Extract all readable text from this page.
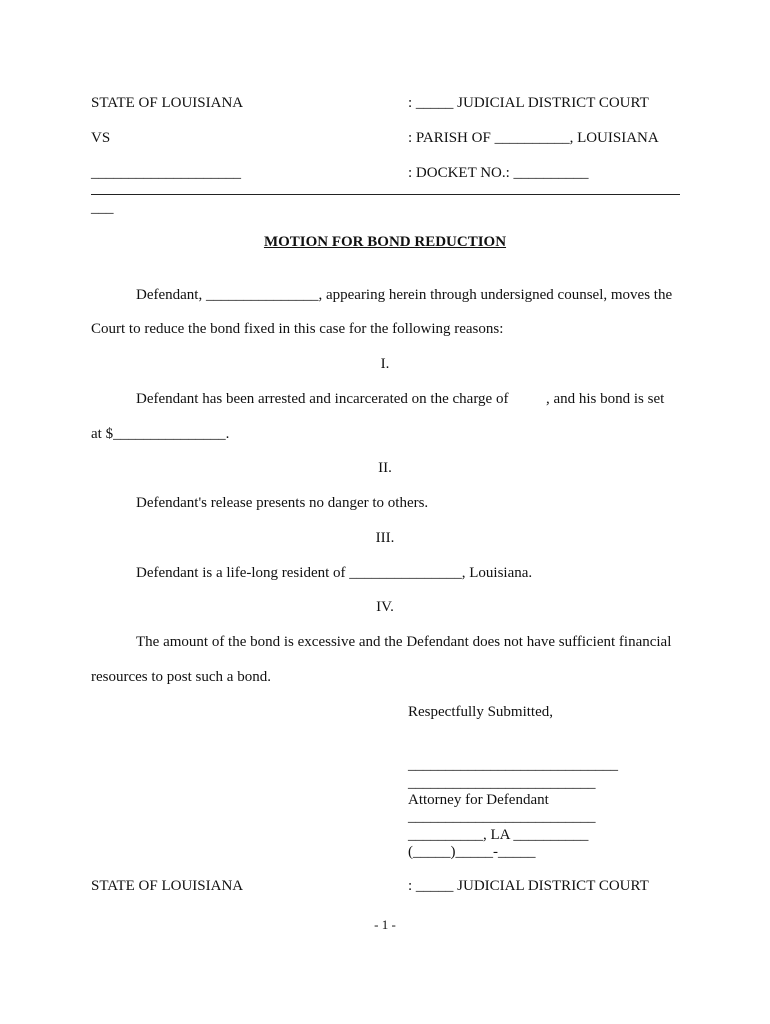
STATE OF LOUISIANA	: _____ JUDICIAL DISTRICT COURT
VS	: PARISH OF __________, LOUISIANA
____________________	: DOCKET NO.: __________
___
MOTION FOR BOND REDUCTION
Defendant, _______________, appearing herein through undersigned counsel, moves the
Court to reduce the bond fixed in this case for the following reasons:
I.
Defendant has been arrested and incarcerated on the charge of          , and his bond is set
at $_______________.
II.
Defendant's release presents no danger to others.
III.
Defendant is a life-long resident of _______________, Louisiana.
IV.
The amount of the bond is excessive and the Defendant does not have sufficient financial
resources to post such a bond.
Respectfully Submitted,
____________________________
_________________________
Attorney for Defendant
_________________________
__________, LA __________
(_____)_____-_____
STATE OF LOUISIANA	: _____ JUDICIAL DISTRICT COURT
- 1 -
